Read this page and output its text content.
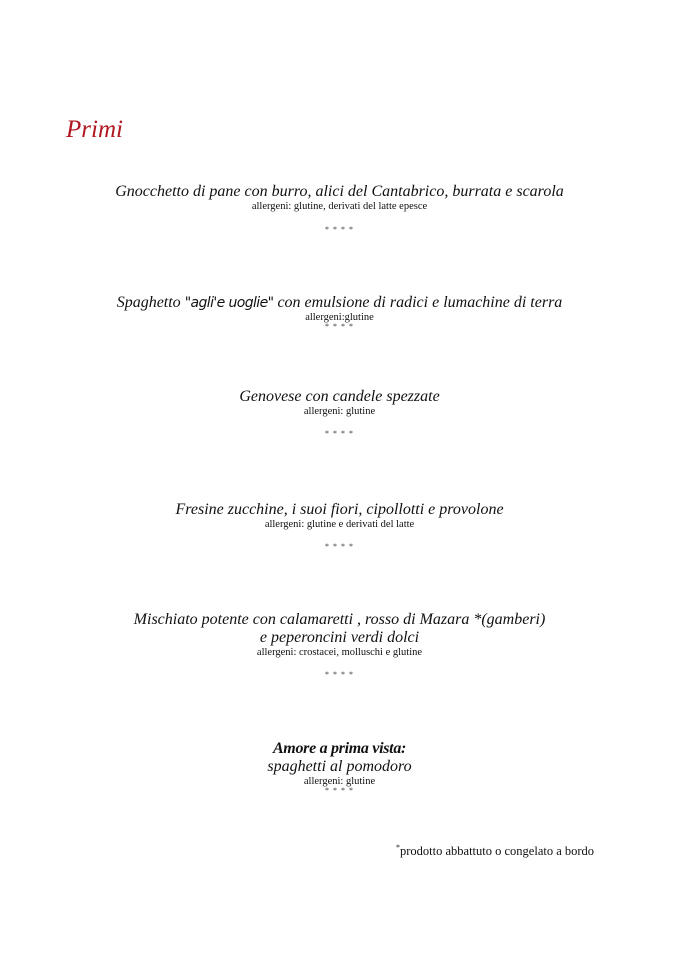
Primi
Gnocchetto di pane con burro, alici del Cantabrico, burrata e scarola
allergeni: glutine, derivati del latte epesce
* * * *
Spaghetto "agli'e uoglie" con emulsione di radici e lumachine di terra
allergeni:glutine
* * * *
Genovese con candele spezzate
allergeni: glutine
* * * *
Fresine zucchine, i suoi fiori, cipollotti e provolone
allergeni: glutine e derivati del latte
* * * *
Mischiato potente con calamaretti , rosso di Mazara *(gamberi)
e peperoncini verdi dolci
allergeni: crostacei, molluschi e glutine
* * * *
Amore a prima vista:
spaghetti al pomodoro
allergeni: glutine
* * * *
*prodotto abbattuto o congelato a bordo
